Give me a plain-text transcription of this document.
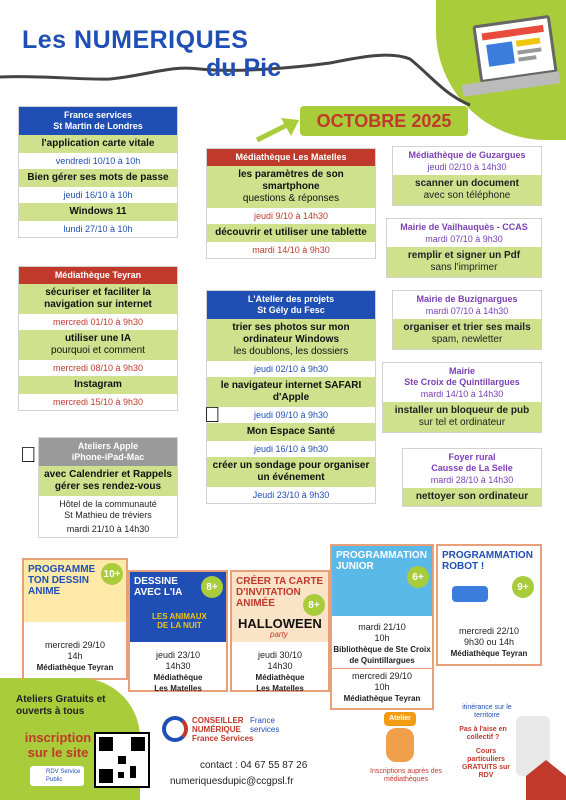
Les NUMERIQUES
du Pic
OCTOBRE 2025
France services
St Martin de Londres
l'application carte vitale
vendredi 10/10 à 10h
Bien gérer ses mots de passe
jeudi 16/10 à 10h
Windows 11
lundi 27/10 à 10h
Médiathèque Teyran
sécuriser et faciliter la navigation sur internet
mercredi 01/10 à 9h30
utiliser une IA
pourquoi et comment
mercredi 08/10 à 9h30
Instagram
mercredi 15/10 à 9h30
Ateliers Apple
iPhone-iPad-Mac
avec Calendrier et Rappels gérer ses rendez-vous
Hôtel de la communauté
St Mathieu de tréviers
mardi 21/10 à 14h30
Médiathèque Les Matelles
les paramètres de son smartphone
questions & réponses
jeudi 9/10 à 14h30
découvrir et utiliser une tablette
mardi 14/10 à 9h30
L'Atelier des projets
St Gély du Fesc
trier ses photos sur mon ordinateur Windows
les doublons, les dossiers
jeudi 02/10 à 9h30
le navigateur internet SAFARI d'Apple
jeudi 09/10 à 9h30
Mon Espace Santé
jeudi 16/10 à 9h30
créer un sondage pour organiser un événement
Jeudi 23/10 à 9h30
Médiathèque de Guzargues
jeudi 02/10 à 14h30
scanner un document
avec son téléphone
Mairie de Vailhauquès - CCAS
mardi 07/10 à 9h30
remplir et signer un Pdf
sans l'imprimer
Mairie de Buzignargues
mardi 07/10 à 14h30
organiser et trier ses mails
spam, newletter
Mairie
Ste Croix de Quintillargues
mardi 14/10 à 14h30
installer un bloqueur de pub
sur tel et ordinateur
Foyer rural
Causse de La Selle
mardi 28/10 à 14h30
nettoyer son ordinateur
PROGRAMME
TON DESSIN
ANIME
10+
mercredi 29/10
14h
Médiathèque Teyran
DESSINE
AVEC L'IA
LES ANIMAUX
DE LA NUIT
8+
jeudi 23/10
14h30
Médiathèque
Les Matelles
CRÉER TA CARTE
D'INVITATION
ANIMÉE
HALLOWEEN
party
8+
jeudi 30/10
14h30
Médiathèque
Les Matelles
PROGRAMMATION
JUNIOR
6+
mardi 21/10
10h
Bibliothèque de Ste Croix
de Quintillargues
mercredi 29/10
10h
Médiathèque Teyran
PROGRAMMATION
ROBOT !
9+
mercredi 22/10
9h30 ou 14h
Médiathèque Teyran
Ateliers Gratuits et ouverts à tous
inscription sur le site
RDV Service Public
CONSEILLER NUMÉRIQUE France Services
France services
contact : 04 67 55 87 26
numeriquesdupic@ccgpsl.fr
Atelier
Inscriptions auprès des médiathèques
itinérance sur le territoire
Pas à l'aise en collectif ?
Cours particuliers GRATUITS sur RDV
